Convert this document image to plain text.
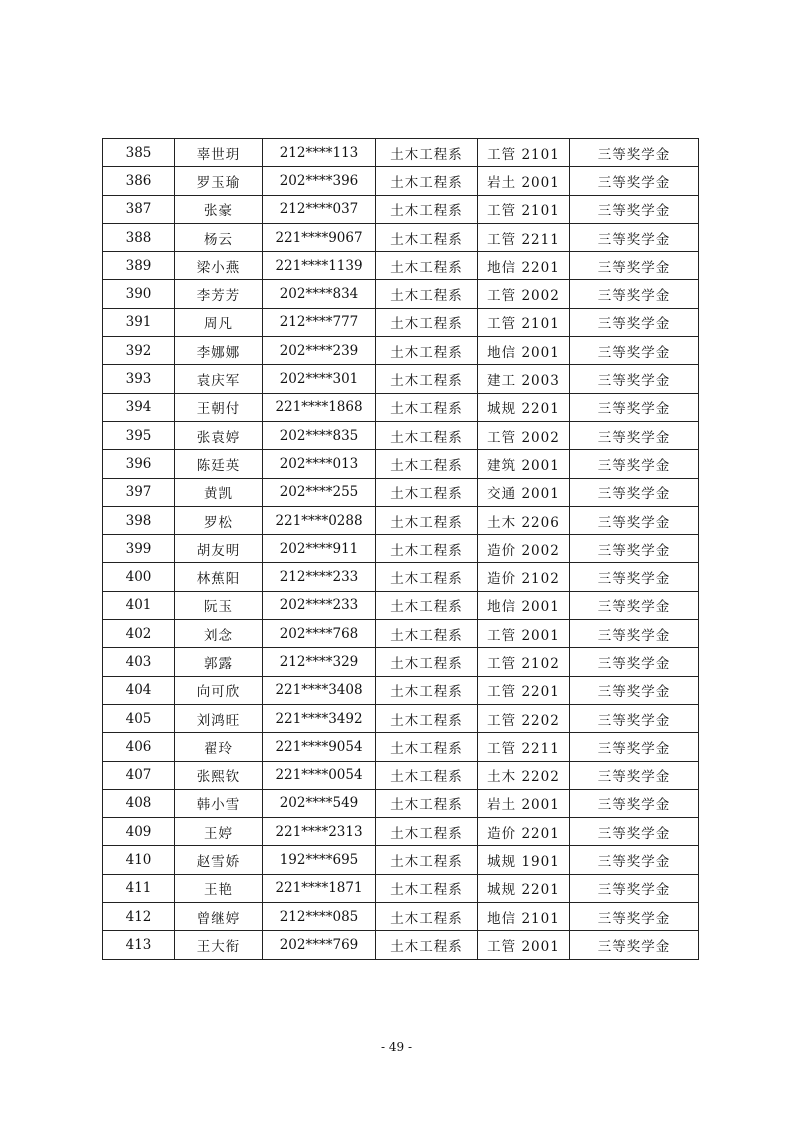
385	辜世玥	212****113	土木工程系	工管 2101	三等奖学金
386	罗玉瑜	202****396	土木工程系	岩土 2001	三等奖学金
387	张豪	212****037	土木工程系	工管 2101	三等奖学金
388	杨云	221****9067	土木工程系	工管 2211	三等奖学金
389	梁小燕	221****1139	土木工程系	地信 2201	三等奖学金
390	李芳芳	202****834	土木工程系	工管 2002	三等奖学金
391	周凡	212****777	土木工程系	工管 2101	三等奖学金
392	李娜娜	202****239	土木工程系	地信 2001	三等奖学金
393	袁庆军	202****301	土木工程系	建工 2003	三等奖学金
394	王朝付	221****1868	土木工程系	城规 2201	三等奖学金
395	张袁婷	202****835	土木工程系	工管 2002	三等奖学金
396	陈廷英	202****013	土木工程系	建筑 2001	三等奖学金
397	黄凯	202****255	土木工程系	交通 2001	三等奖学金
398	罗松	221****0288	土木工程系	土木 2206	三等奖学金
399	胡友明	202****911	土木工程系	造价 2002	三等奖学金
400	林蕉阳	212****233	土木工程系	造价 2102	三等奖学金
401	阮玉	202****233	土木工程系	地信 2001	三等奖学金
402	刘念	202****768	土木工程系	工管 2001	三等奖学金
403	郭露	212****329	土木工程系	工管 2102	三等奖学金
404	向可欣	221****3408	土木工程系	工管 2201	三等奖学金
405	刘鸿旺	221****3492	土木工程系	工管 2202	三等奖学金
406	翟玲	221****9054	土木工程系	工管 2211	三等奖学金
407	张熙钦	221****0054	土木工程系	土木 2202	三等奖学金
408	韩小雪	202****549	土木工程系	岩土 2001	三等奖学金
409	王婷	221****2313	土木工程系	造价 2201	三等奖学金
410	赵雪娇	192****695	土木工程系	城规 1901	三等奖学金
411	王艳	221****1871	土木工程系	城规 2201	三等奖学金
412	曾继婷	212****085	土木工程系	地信 2101	三等奖学金
413	王大衔	202****769	土木工程系	工管 2001	三等奖学金
- 49 -
